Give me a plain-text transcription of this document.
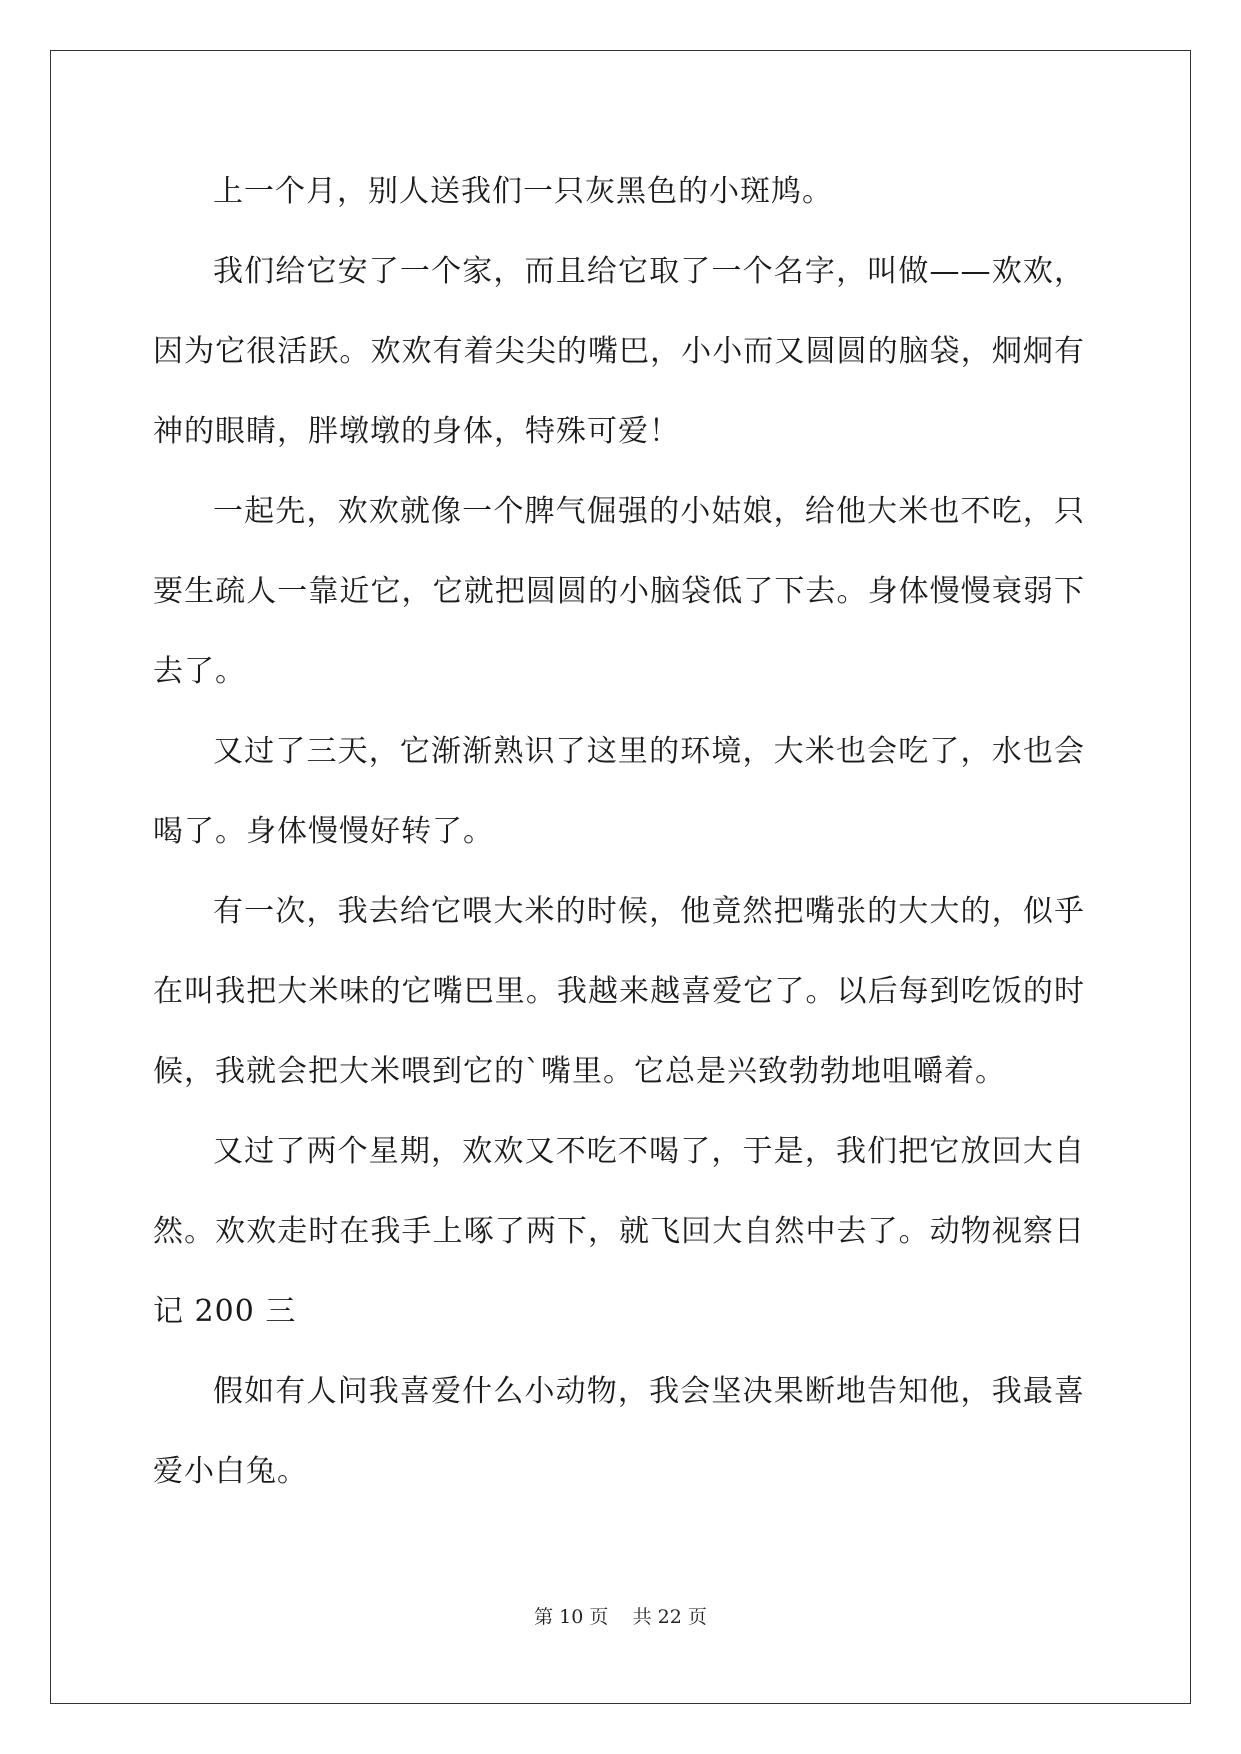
上一个月，别人送我们一只灰黑色的小斑鸠。

我们给它安了一个家，而且给它取了一个名字，叫做——欢欢，因为它很活跃。欢欢有着尖尖的嘴巴，小小而又圆圆的脑袋，炯炯有神的眼睛，胖墩墩的身体，特殊可爱！

一起先，欢欢就像一个脾气倔强的小姑娘，给他大米也不吃，只要生疏人一靠近它，它就把圆圆的小脑袋低了下去。身体慢慢衰弱下去了。

又过了三天，它渐渐熟识了这里的环境，大米也会吃了，水也会喝了。身体慢慢好转了。

有一次，我去给它喂大米的时候，他竟然把嘴张的大大的，似乎在叫我把大米味的它嘴巴里。我越来越喜爱它了。以后每到吃饭的时候，我就会把大米喂到它的`嘴里。它总是兴致勃勃地咀嚼着。

又过了两个星期，欢欢又不吃不喝了，于是，我们把它放回大自然。欢欢走时在我手上啄了两下，就飞回大自然中去了。动物视察日记 200 三

假如有人问我喜爱什么小动物，我会坚决果断地告知他，我最喜爱小白兔。

第 10 页 共 22 页
